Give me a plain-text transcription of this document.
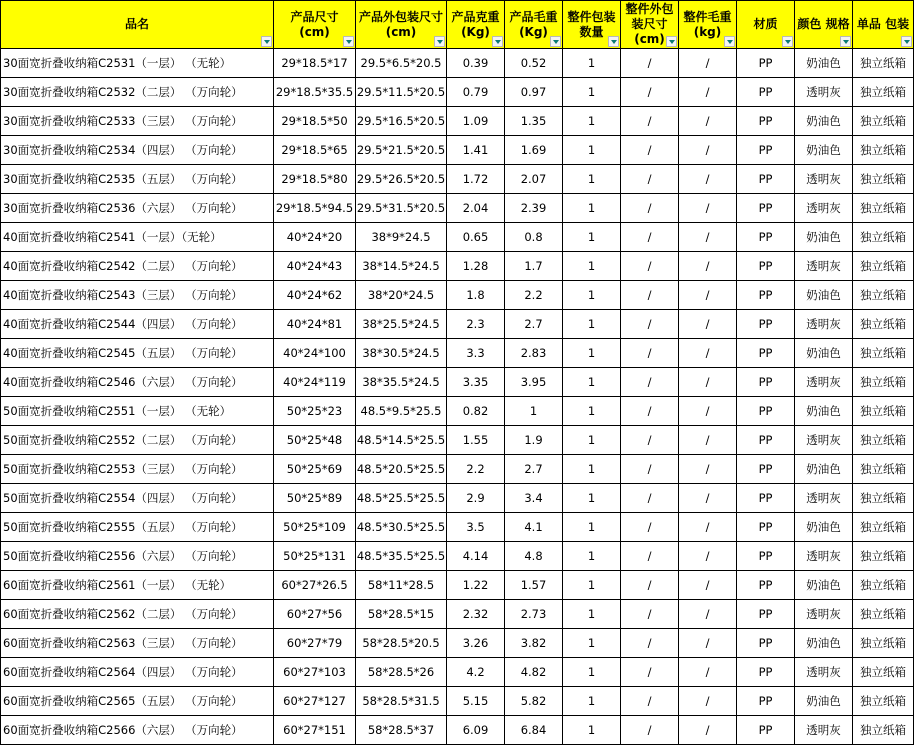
品名	产品尺寸 (cm)	产品外包装尺寸(cm)	产品克重 (Kg)	产品毛重 (Kg)	整件包装数量	整件外包装尺寸(cm)	整件毛重 (kg)	材质	颜色 规格	单品 包装

30面宽折叠收纳箱C2531（一层） （无轮）	29*18.5*17	29.5*6.5*20.5	0.39	0.52	1	/	/	PP	奶油色	独立纸箱
30面宽折叠收纳箱C2532（二层） （万向轮）	29*18.5*35.5	29.5*11.5*20.5	0.79	0.97	1	/	/	PP	透明灰	独立纸箱
30面宽折叠收纳箱C2533（三层） （万向轮）	29*18.5*50	29.5*16.5*20.5	1.09	1.35	1	/	/	PP	奶油色	独立纸箱
30面宽折叠收纳箱C2534（四层） （万向轮）	29*18.5*65	29.5*21.5*20.5	1.41	1.69	1	/	/	PP	奶油色	独立纸箱
30面宽折叠收纳箱C2535（五层） （万向轮）	29*18.5*80	29.5*26.5*20.5	1.72	2.07	1	/	/	PP	透明灰	独立纸箱
30面宽折叠收纳箱C2536（六层） （万向轮）	29*18.5*94.5	29.5*31.5*20.5	2.04	2.39	1	/	/	PP	透明灰	独立纸箱
40面宽折叠收纳箱C2541（一层）（无轮）	40*24*20	38*9*24.5	0.65	0.8	1	/	/	PP	奶油色	独立纸箱
40面宽折叠收纳箱C2542（二层） （万向轮）	40*24*43	38*14.5*24.5	1.28	1.7	1	/	/	PP	透明灰	独立纸箱
40面宽折叠收纳箱C2543（三层） （万向轮）	40*24*62	38*20*24.5	1.8	2.2	1	/	/	PP	奶油色	独立纸箱
40面宽折叠收纳箱C2544（四层） （万向轮）	40*24*81	38*25.5*24.5	2.3	2.7	1	/	/	PP	透明灰	独立纸箱
40面宽折叠收纳箱C2545（五层） （万向轮）	40*24*100	38*30.5*24.5	3.3	2.83	1	/	/	PP	奶油色	独立纸箱
40面宽折叠收纳箱C2546（六层） （万向轮）	40*24*119	38*35.5*24.5	3.35	3.95	1	/	/	PP	透明灰	独立纸箱
50面宽折叠收纳箱C2551（一层） （无轮）	50*25*23	48.5*9.5*25.5	0.82	1	1	/	/	PP	奶油色	独立纸箱
50面宽折叠收纳箱C2552（二层） （万向轮）	50*25*48	48.5*14.5*25.5	1.55	1.9	1	/	/	PP	透明灰	独立纸箱
50面宽折叠收纳箱C2553（三层） （万向轮）	50*25*69	48.5*20.5*25.5	2.2	2.7	1	/	/	PP	奶油色	独立纸箱
50面宽折叠收纳箱C2554（四层） （万向轮）	50*25*89	48.5*25.5*25.5	2.9	3.4	1	/	/	PP	透明灰	独立纸箱
50面宽折叠收纳箱C2555（五层） （万向轮）	50*25*109	48.5*30.5*25.5	3.5	4.1	1	/	/	PP	奶油色	独立纸箱
50面宽折叠收纳箱C2556（六层） （万向轮）	50*25*131	48.5*35.5*25.5	4.14	4.8	1	/	/	PP	透明灰	独立纸箱
60面宽折叠收纳箱C2561（一层） （无轮）	60*27*26.5	58*11*28.5	1.22	1.57	1	/	/	PP	奶油色	独立纸箱
60面宽折叠收纳箱C2562（二层） （万向轮）	60*27*56	58*28.5*15	2.32	2.73	1	/	/	PP	透明灰	独立纸箱
60面宽折叠收纳箱C2563（三层） （万向轮）	60*27*79	58*28.5*20.5	3.26	3.82	1	/	/	PP	奶油色	独立纸箱
60面宽折叠收纳箱C2564（四层） （万向轮）	60*27*103	58*28.5*26	4.2	4.82	1	/	/	PP	透明灰	独立纸箱
60面宽折叠收纳箱C2565（五层） （万向轮）	60*27*127	58*28.5*31.5	5.15	5.82	1	/	/	PP	奶油色	独立纸箱
60面宽折叠收纳箱C2566（六层） （万向轮）	60*27*151	58*28.5*37	6.09	6.84	1	/	/	PP	透明灰	独立纸箱
